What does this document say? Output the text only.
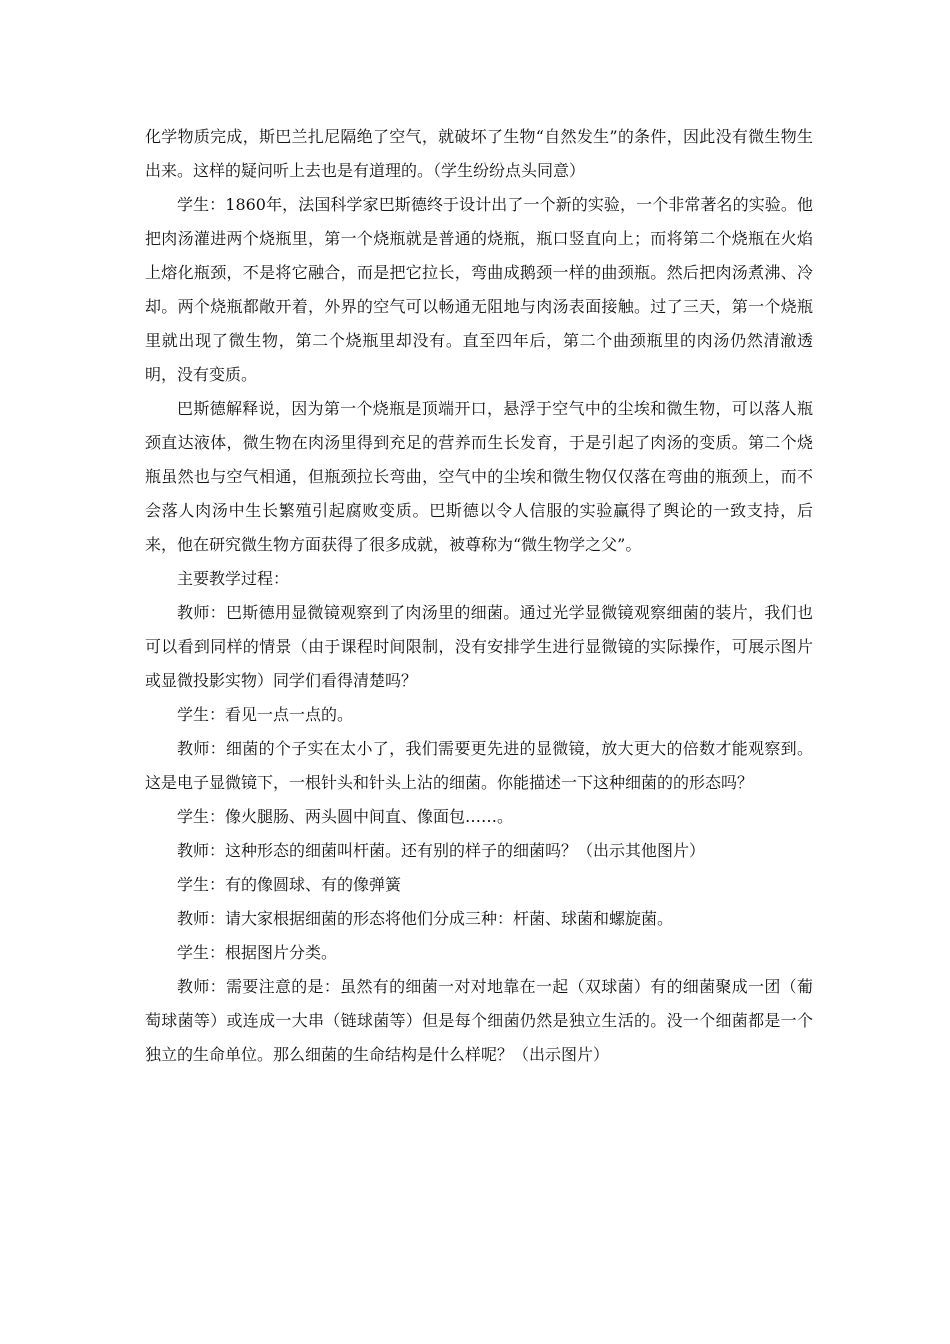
化学物质完成，斯巴兰扎尼隔绝了空气，就破坏了生物“自然发生”的条件，因此没有微生物生出来。这样的疑问听上去也是有道理的。（学生纷纷点头同意）

学生：1860年，法国科学家巴斯德终于设计出了一个新的实验，一个非常著名的实验。他把肉汤灌进两个烧瓶里，第一个烧瓶就是普通的烧瓶，瓶口竖直向上；而将第二个烧瓶在火焰上熔化瓶颈，不是将它融合，而是把它拉长，弯曲成鹅颈一样的曲颈瓶。然后把肉汤煮沸、冷却。两个烧瓶都敞开着，外界的空气可以畅通无阻地与肉汤表面接触。过了三天，第一个烧瓶里就出现了微生物，第二个烧瓶里却没有。直至四年后，第二个曲颈瓶里的肉汤仍然清澈透明，没有变质。

巴斯德解释说，因为第一个烧瓶是顶端开口，悬浮于空气中的尘埃和微生物，可以落人瓶颈直达液体，微生物在肉汤里得到充足的营养而生长发育，于是引起了肉汤的变质。第二个烧瓶虽然也与空气相通，但瓶颈拉长弯曲，空气中的尘埃和微生物仅仅落在弯曲的瓶颈上，而不会落人肉汤中生长繁殖引起腐败变质。巴斯德以令人信服的实验赢得了舆论的一致支持，后来，他在研究微生物方面获得了很多成就，被尊称为“微生物学之父”。

主要教学过程：

教师：巴斯德用显微镜观察到了肉汤里的细菌。通过光学显微镜观察细菌的装片，我们也可以看到同样的情景（由于课程时间限制，没有安排学生进行显微镜的实际操作，可展示图片或显微投影实物）同学们看得清楚吗？

学生：看见一点一点的。

教师：细菌的个子实在太小了，我们需要更先进的显微镜，放大更大的倍数才能观察到。这是电子显微镜下，一根针头和针头上沾的细菌。你能描述一下这种细菌的的形态吗？

学生：像火腿肠、两头圆中间直、像面包……。

教师：这种形态的细菌叫杆菌。还有别的样子的细菌吗？（出示其他图片）

学生：有的像圆球、有的像弹簧

教师：请大家根据细菌的形态将他们分成三种：杆菌、球菌和螺旋菌。

学生：根据图片分类。

教师：需要注意的是：虽然有的细菌一对对地靠在一起（双球菌）有的细菌聚成一团（葡萄球菌等）或连成一大串（链球菌等）但是每个细菌仍然是独立生活的。没一个细菌都是一个独立的生命单位。那么细菌的生命结构是什么样呢？（出示图片）
